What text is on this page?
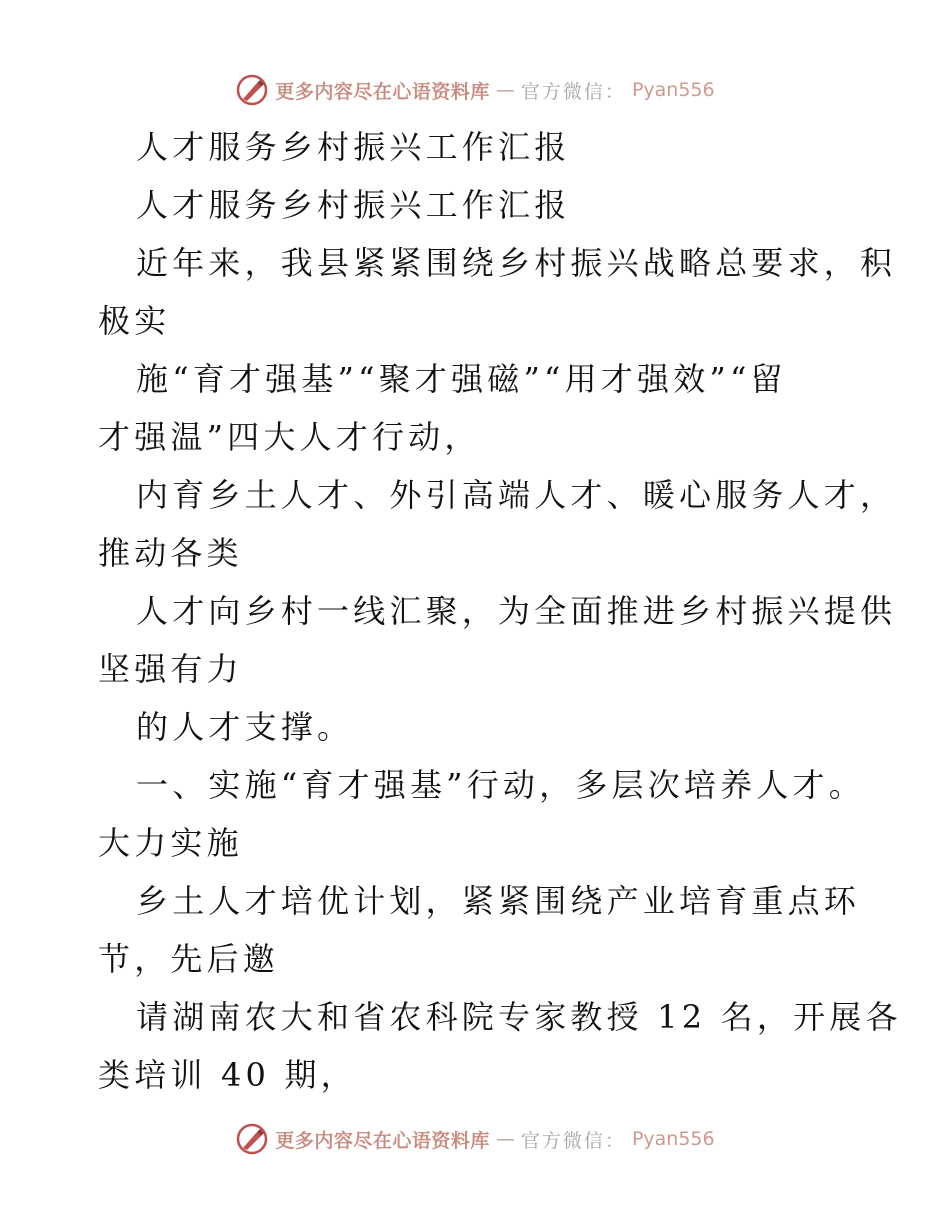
更多内容尽在心语资料库 — 官方微信： Pyan556
人才服务乡村振兴工作汇报
人才服务乡村振兴工作汇报
近年来，我县紧紧围绕乡村振兴战略总要求，积
极实
施“育才强基”“聚才强磁”“用才强效”“留
才强温”四大人才行动，
内育乡土人才、外引高端人才、暖心服务人才，
推动各类
人才向乡村一线汇聚，为全面推进乡村振兴提供
坚强有力
的人才支撑。
一、实施“育才强基”行动，多层次培养人才。
大力实施
乡土人才培优计划，紧紧围绕产业培育重点环
节，先后邀
请湖南农大和省农科院专家教授 12 名，开展各
类培训 40 期，
更多内容尽在心语资料库 — 官方微信： Pyan556
